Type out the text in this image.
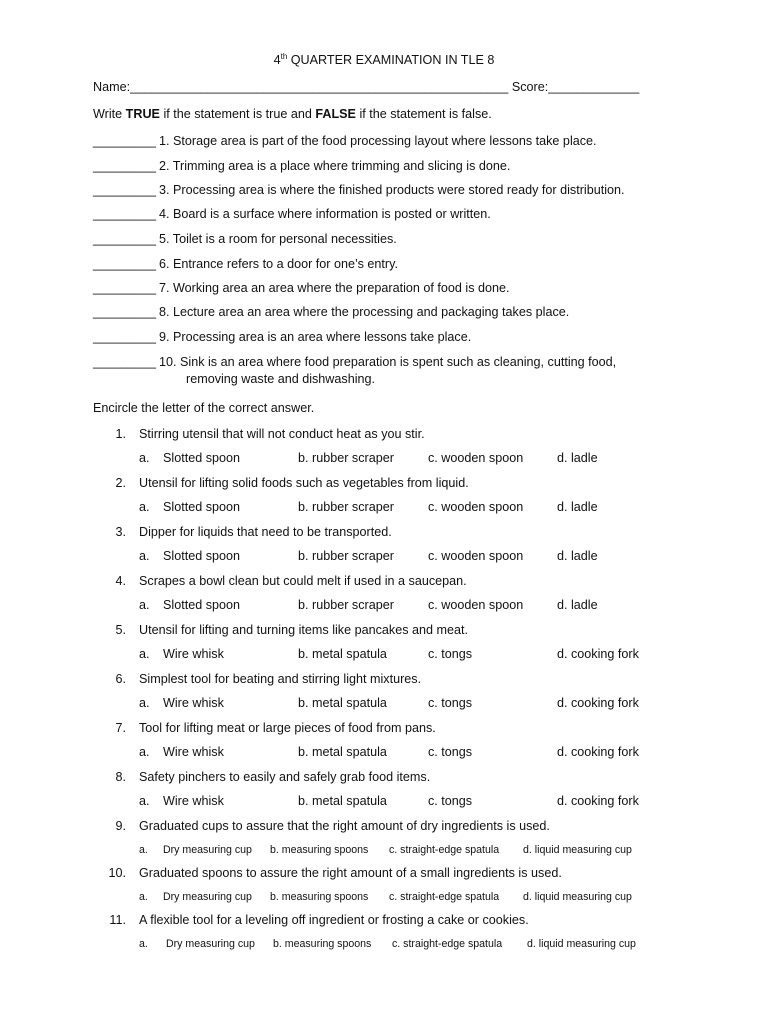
4th QUARTER EXAMINATION IN TLE 8
Name:______________________________________________________ Score:_____________
Write TRUE if the statement is true and FALSE if the statement is false.
_________ 1. Storage area is part of the food processing layout where lessons take place.
_________ 2. Trimming area is a place where trimming and slicing is done.
_________ 3. Processing area is where the finished products were stored ready for distribution.
_________ 4. Board is a surface where information is posted or written.
_________ 5. Toilet is a room for personal necessities.
_________ 6. Entrance refers to a door for one’s entry.
_________ 7. Working area an area where the preparation of food is done.
_________ 8. Lecture area an area where the processing and packaging takes place.
_________ 9. Processing area is an area where lessons take place.
_________ 10. Sink is an area where food preparation is spent such as cleaning, cutting food,
removing waste and dishwashing.
Encircle the letter of the correct answer.
1. Stirring utensil that will not conduct heat as you stir.
a. Slotted spoon	b. rubber scraper	c. wooden spoon	d. ladle
2. Utensil for lifting solid foods such as vegetables from liquid.
a. Slotted spoon	b. rubber scraper	c. wooden spoon	d. ladle
3. Dipper for liquids that need to be transported.
a. Slotted spoon	b. rubber scraper	c. wooden spoon	d. ladle
4. Scrapes a bowl clean but could melt if used in a saucepan.
a. Slotted spoon	b. rubber scraper	c. wooden spoon	d. ladle
5. Utensil for lifting and turning items like pancakes and meat.
a. Wire whisk	b. metal spatula	c. tongs	d. cooking fork
6. Simplest tool for beating and stirring light mixtures.
a. Wire whisk	b. metal spatula	c. tongs	d. cooking fork
7. Tool for lifting meat or large pieces of food from pans.
a. Wire whisk	b. metal spatula	c. tongs	d. cooking fork
8. Safety pinchers to easily and safely grab food items.
a. Wire whisk	b. metal spatula	c. tongs	d. cooking fork
9. Graduated cups to assure that the right amount of dry ingredients is used.
a. Dry measuring cup b. measuring spoons c. straight-edge spatula d. liquid measuring cup
10. Graduated spoons to assure the right amount of a small ingredients is used.
a. Dry measuring cup b. measuring spoons c. straight-edge spatula d. liquid measuring cup
11. A flexible tool for a leveling off ingredient or frosting a cake or cookies.
a. Dry measuring cup b. measuring spoons c. straight-edge spatula d. liquid measuring cup
